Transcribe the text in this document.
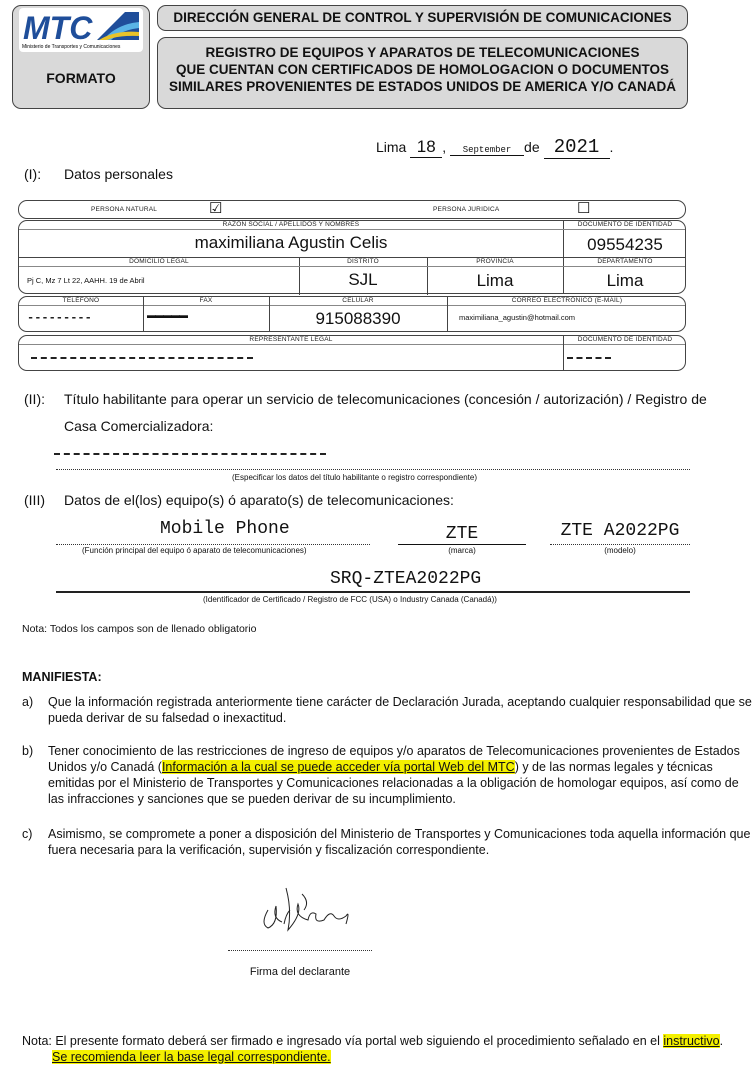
MTC
Ministerio de Transportes y Comunicaciones
FORMATO
DIRECCIÓN GENERAL DE CONTROL Y SUPERVISIÓN DE COMUNICACIONES
REGISTRO DE EQUIPOS Y APARATOS DE TELECOMUNICACIONES
QUE CUENTAN CON CERTIFICADOS DE HOMOLOGACION O DOCUMENTOS
SIMILARES PROVENIENTES DE ESTADOS UNIDOS DE AMERICA Y/O CANADÁ
Lima 18 , September de 2021 .
(I): Datos personales
PERSONA NATURAL	☑	PERSONA JURIDICA	☐
RAZÓN SOCIAL / APELLIDOS Y NOMBRES
maximiliana Agustin Celis
DOCUMENTO DE IDENTIDAD
09554235
DOMICILIO LEGAL
Pj C, Mz 7 Lt 22, AAHH. 19 de Abril
DISTRITO
SJL
PROVINCIA
Lima
DEPARTAMENTO
Lima
TELÉFONO
---------
FAX
▬▬▬▬▬
CELULAR
915088390
CORREO ELECTRÓNICO (E-MAIL)
maximiliana_agustin@hotmail.com
REPRESENTANTE LEGAL	DOCUMENTO DE IDENTIDAD
(II): Título habilitante para operar un servicio de telecomunicaciones (concesión / autorización) / Registro de
Casa Comercializadora:
(Especificar los datos del título habilitante o registro correspondiente)
(III) Datos de el(los) equipo(s) ó aparato(s) de telecomunicaciones:
Mobile Phone
(Función principal del equipo ó aparato de telecomunicaciones)
ZTE
(marca)
ZTE A2022PG
(modelo)
SRQ-ZTEA2022PG
(Identificador de Certificado / Registro de FCC (USA) o Industry Canada (Canadá))
Nota: Todos los campos son de llenado obligatorio
MANIFIESTA:
a) Que la información registrada anteriormente tiene carácter de Declaración Jurada, aceptando cualquier responsabilidad que se
pueda derivar de su falsedad o inexactitud.
b) Tener conocimiento de las restricciones de ingreso de equipos y/o aparatos de Telecomunicaciones provenientes de Estados
Unidos y/o Canadá (Información a la cual se puede acceder vía portal Web del MTC) y de las normas legales y técnicas
emitidas por el Ministerio de Transportes y Comunicaciones relacionadas a la obligación de homologar equipos, así como de
las infracciones y sanciones que se pueden derivar de su incumplimiento.
c) Asimismo, se compromete a poner a disposición del Ministerio de Transportes y Comunicaciones toda aquella información que
fuera necesaria para la verificación, supervisión y fiscalización correspondiente.
Firma del declarante
Nota: El presente formato deberá ser firmado e ingresado vía portal web siguiendo el procedimiento señalado en el instructivo.
Se recomienda leer la base legal correspondiente.
